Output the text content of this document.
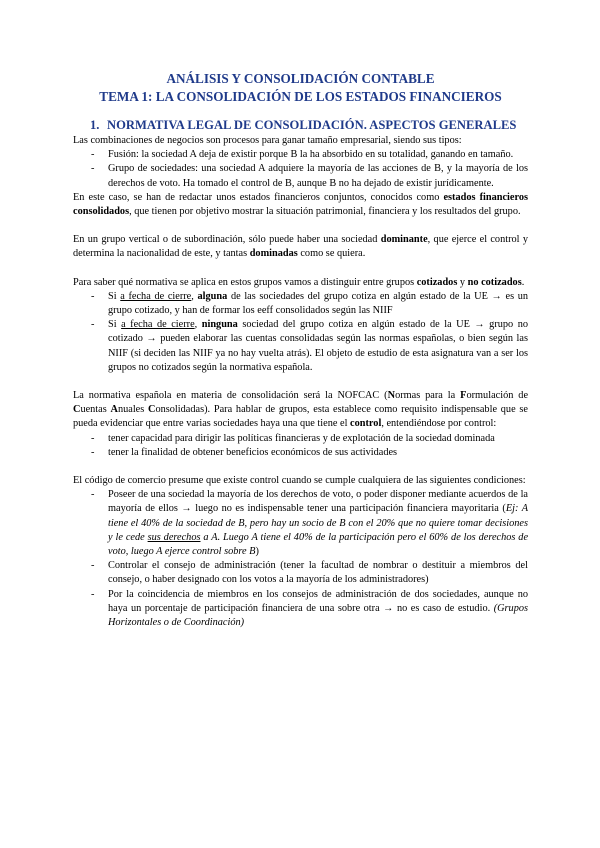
ANÁLISIS Y CONSOLIDACIÓN CONTABLE
TEMA 1: LA CONSOLIDACIÓN DE LOS ESTADOS FINANCIEROS
1. NORMATIVA LEGAL DE CONSOLIDACIÓN. ASPECTOS GENERALES

Las combinaciones de negocios son procesos para ganar tamaño empresarial, siendo sus tipos:

- Fusión: la sociedad A deja de existir porque B la ha absorbido en su totalidad, ganando en tamaño.
- Grupo de sociedades: una sociedad A adquiere la mayoría de las acciones de B, y la mayoría de los derechos de voto. Ha tomado el control de B, aunque B no ha dejado de existir jurídicamente.

En este caso, se han de redactar unos estados financieros conjuntos, conocidos como estados financieros consolidados, que tienen por objetivo mostrar la situación patrimonial, financiera y los resultados del grupo.

En un grupo vertical o de subordinación, sólo puede haber una sociedad dominante, que ejerce el control y determina la nacionalidad de este, y tantas dominadas como se quiera.

Para saber qué normativa se aplica en estos grupos vamos a distinguir entre grupos cotizados y no cotizados.

- Si a fecha de cierre, alguna de las sociedades del grupo cotiza en algún estado de la UE → es un grupo cotizado, y han de formar los eeff consolidados según las NIIF
- Si a fecha de cierre, ninguna sociedad del grupo cotiza en algún estado de la UE → grupo no cotizado → pueden elaborar las cuentas consolidadas según las normas españolas, o bien según las NIIF (si deciden las NIIF ya no hay vuelta atrás). El objeto de estudio de esta asignatura van a ser los grupos no cotizados según la normativa española.

La normativa española en materia de consolidación será la NOFCAC (Normas para la Formulación de Cuentas Anuales Consolidadas). Para hablar de grupos, esta establece como requisito indispensable que se pueda evidenciar que entre varias sociedades haya una que tiene el control, entendiéndose por control:

- tener capacidad para dirigir las políticas financieras y de explotación de la sociedad dominada
- tener la finalidad de obtener beneficios económicos de sus actividades

El código de comercio presume que existe control cuando se cumple cualquiera de las siguientes condiciones:

- Poseer de una sociedad la mayoría de los derechos de voto, o poder disponer mediante acuerdos de la mayoría de ellos → luego no es indispensable tener una participación financiera mayoritaria (Ej: A tiene el 40% de la sociedad de B, pero hay un socio de B con el 20% que no quiere tomar decisiones y le cede sus derechos a A. Luego A tiene el 40% de la participación pero el 60% de los derechos de voto, luego A ejerce control sobre B)
- Controlar el consejo de administración (tener la facultad de nombrar o destituir a miembros del consejo, o haber designado con los votos a la mayoría de los administradores)
- Por la coincidencia de miembros en los consejos de administración de dos sociedades, aunque no haya un porcentaje de participación financiera de una sobre otra → no es caso de estudio. (Grupos Horizontales o de Coordinación)
